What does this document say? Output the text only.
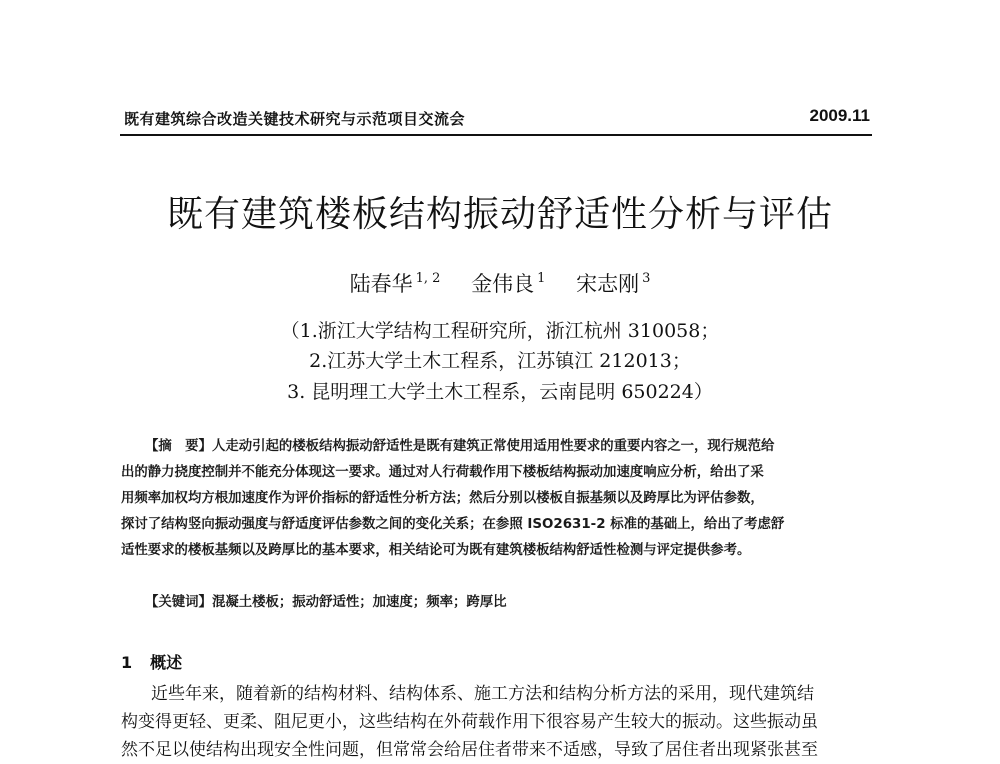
既有建筑综合改造关键技术研究与示范项目交流会	2009.11
既有建筑楼板结构振动舒适性分析与评估
陆春华 $^{1, 2}$ 金伟良 $^1$ 宋志刚 $^3$
（1.浙江大学结构工程研究所，浙江杭州 310058；
2.江苏大学土木工程系，江苏镇江 212013；
3. 昆明理工大学土木工程系，云南昆明 650224）
【摘　要】人走动引起的楼板结构振动舒适性是既有建筑正常使用适用性要求的重要内容之一，现行规范给
出的静力挠度控制并不能充分体现这一要求。通过对人行荷载作用下楼板结构振动加速度响应分析，给出了采
用频率加权均方根加速度作为评价指标的舒适性分析方法；然后分别以楼板自振基频以及跨厚比为评估参数，
探讨了结构竖向振动强度与舒适度评估参数之间的变化关系；在参照 ISO2631-2 标准的基础上，给出了考虑舒
适性要求的楼板基频以及跨厚比的基本要求，相关结论可为既有建筑楼板结构舒适性检测与评定提供参考。
【关键词】混凝土楼板；振动舒适性；加速度；频率；跨厚比
1 概述
近些年来，随着新的结构材料、结构体系、施工方法和结构分析方法的采用，现代建筑结
构变得更轻、更柔、阻尼更小，这些结构在外荷载作用下很容易产生较大的振动。这些振动虽
然不足以使结构出现安全性问题，但常常会给居住者带来不适感，导致了居住者出现紧张甚至
